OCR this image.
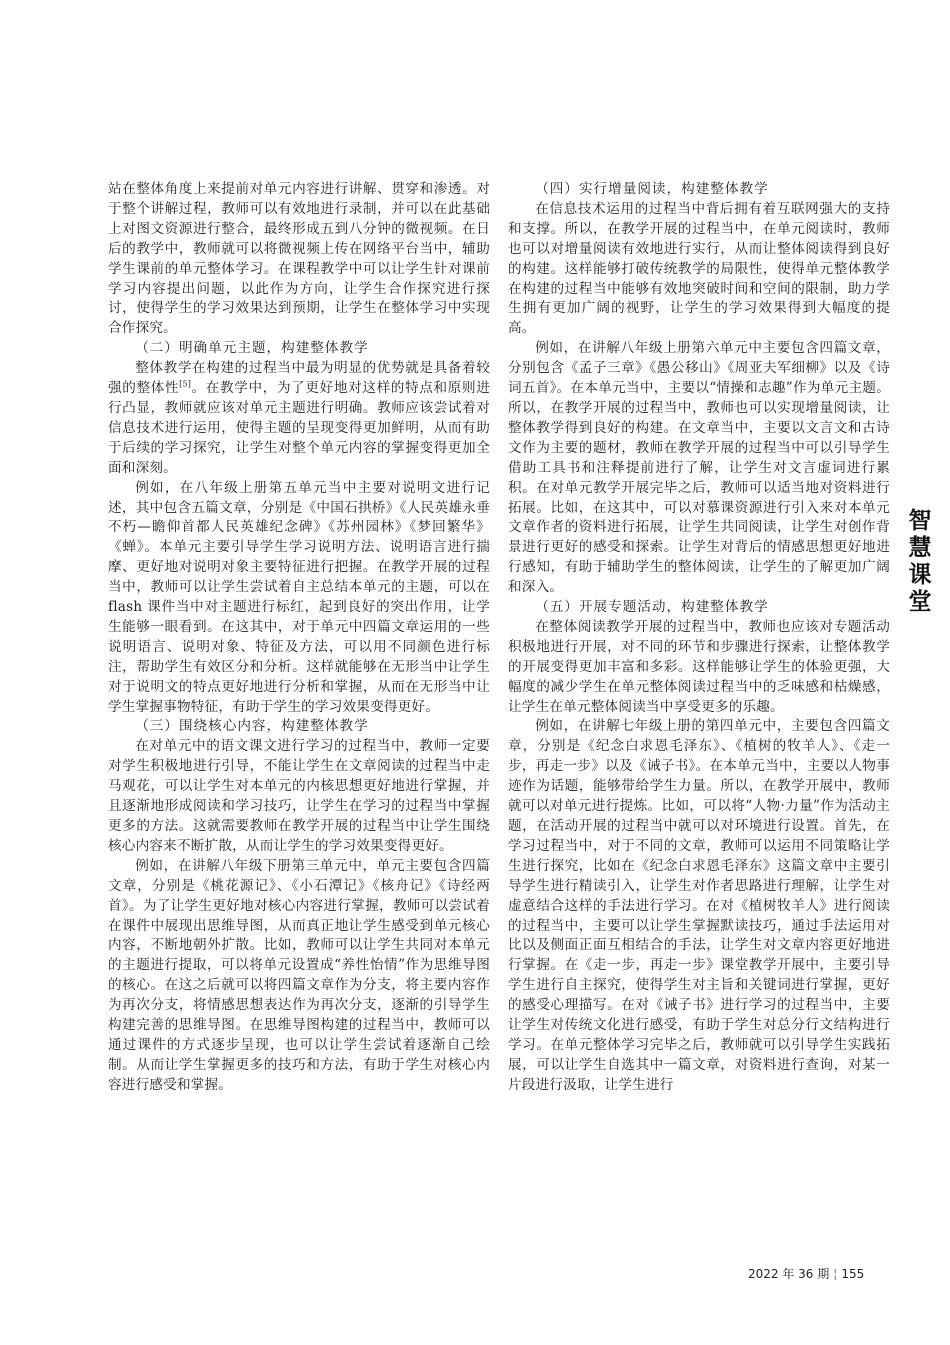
站在整体角度上来提前对单元内容进行讲解、贯穿和渗透。对于整个讲解过程，教师可以有效地进行录制，并可以在此基础上对图文资源进行整合，最终形成五到八分钟的微视频。在日后的教学中，教师就可以将微视频上传在网络平台当中，辅助学生课前的单元整体学习。在课程教学中可以让学生针对课前学习内容提出问题，以此作为方向，让学生合作探究进行探讨，使得学生的学习效果达到预期，让学生在整体学习中实现合作探究。

（二）明确单元主题，构建整体教学

整体教学在构建的过程当中最为明显的优势就是具备着较强的整体性[5]。在教学中，为了更好地对这样的特点和原则进行凸显，教师就应该对单元主题进行明确。教师应该尝试着对信息技术进行运用，使得主题的呈现变得更加鲜明，从而有助于后续的学习探究，让学生对整个单元内容的掌握变得更加全面和深刻。

例如，在八年级上册第五单元当中主要对说明文进行记述，其中包含五篇文章，分别是《中国石拱桥》《人民英雄永垂不朽—瞻仰首都人民英雄纪念碑》《苏州园林》《梦回繁华》《蝉》。本单元主要引导学生学习说明方法、说明语言进行揣摩、更好地对说明对象主要特征进行把握。在教学开展的过程当中，教师可以让学生尝试着自主总结本单元的主题，可以在 flash 课件当中对主题进行标红，起到良好的突出作用，让学生能够一眼看到。在这其中，对于单元中四篇文章运用的一些说明语言、说明对象、特征及方法，可以用不同颜色进行标注，帮助学生有效区分和分析。这样就能够在无形当中让学生对于说明文的特点更好地进行分析和掌握，从而在无形当中让学生掌握事物特征，有助于学生的学习效果变得更好。

（三）围绕核心内容，构建整体教学

在对单元中的语文课文进行学习的过程当中，教师一定要对学生积极地进行引导，不能让学生在文章阅读的过程当中走马观花，可以让学生对本单元的内核思想更好地进行掌握，并且逐渐地形成阅读和学习技巧，让学生在学习的过程当中掌握更多的方法。这就需要教师在教学开展的过程当中让学生围绕核心内容来不断扩散，从而让学生的学习效果变得更好。

例如，在讲解八年级下册第三单元中，单元主要包含四篇文章，分别是《桃花源记》、《小石潭记》《核舟记》《诗经两首》。为了让学生更好地对核心内容进行掌握，教师可以尝试着在课件中展现出思维导图，从而真正地让学生感受到单元核心内容，不断地朝外扩散。比如，教师可以让学生共同对本单元的主题进行提取，可以将单元设置成“养性怡情”作为思维导图的核心。在这之后就可以将四篇文章作为分支，将主要内容作为再次分支，将情感思想表达作为再次分支，逐渐的引导学生构建完善的思维导图。在思维导图构建的过程当中，教师可以通过课件的方式逐步呈现，也可以让学生尝试着逐渐自己绘制。从而让学生掌握更多的技巧和方法，有助于学生对核心内容进行感受和掌握。

（四）实行增量阅读，构建整体教学

在信息技术运用的过程当中背后拥有着互联网强大的支持和支撑。所以，在教学开展的过程当中，在单元阅读时，教师也可以对增量阅读有效地进行实行，从而让整体阅读得到良好的构建。这样能够打破传统教学的局限性，使得单元整体教学在构建的过程当中能够有效地突破时间和空间的限制，助力学生拥有更加广阔的视野，让学生的学习效果得到大幅度的提高。

例如，在讲解八年级上册第六单元中主要包含四篇文章，分别包含《孟子三章》《愚公移山》《周亚夫军细柳》以及《诗词五首》。在本单元当中，主要以“情操和志趣”作为单元主题。所以，在教学开展的过程当中，教师也可以实现增量阅读，让整体教学得到良好的构建。在文章当中，主要以文言文和古诗文作为主要的题材，教师在教学开展的过程当中可以引导学生借助工具书和注释提前进行了解，让学生对文言虚词进行累积。在对单元教学开展完毕之后，教师可以适当地对资料进行拓展。比如，在这其中，可以对慕课资源进行引入来对本单元文章作者的资料进行拓展，让学生共同阅读，让学生对创作背景进行更好的感受和探索。让学生对背后的情感思想更好地进行感知，有助于辅助学生的整体阅读，让学生的了解更加广阔和深入。

（五）开展专题活动，构建整体教学

在整体阅读教学开展的过程当中，教师也应该对专题活动积极地进行开展，对不同的环节和步骤进行探索，让整体教学的开展变得更加丰富和多彩。这样能够让学生的体验更强，大幅度的减少学生在单元整体阅读过程当中的乏味感和枯燥感，让学生在单元整体阅读当中享受更多的乐趣。

例如，在讲解七年级上册的第四单元中，主要包含四篇文章，分别是《纪念白求恩毛泽东》、《植树的牧羊人》、《走一步，再走一步》以及《诫子书》。在本单元当中，主要以人物事迹作为话题，能够带给学生力量。所以，在教学开展中，教师就可以对单元进行提炼。比如，可以将“人物·力量”作为活动主题，在活动开展的过程当中就可以对环境进行设置。首先，在学习过程当中，对于不同的文章，教师可以运用不同策略让学生进行探究，比如在《纪念白求恩毛泽东》这篇文章中主要引导学生进行精读引入，让学生对作者思路进行理解，让学生对虚意结合这样的手法进行学习。在对《植树牧羊人》进行阅读的过程当中，主要可以让学生掌握默读技巧，通过手法运用对比以及侧面正面互相结合的手法，让学生对文章内容更好地进行掌握。在《走一步，再走一步》课堂教学开展中，主要引导学生进行自主探究，使得学生对主旨和关键词进行掌握，更好的感受心理描写。在对《诫子书》进行学习的过程当中，主要让学生对传统文化进行感受，有助于学生对总分行文结构进行学习。在单元整体学习完毕之后，教师就可以引导学生实践拓展，可以让学生自选其中一篇文章，对资料进行查询，对某一片段进行汲取，让学生进行

智
慧
课
堂
2022 年 36 期 ¦ 155
